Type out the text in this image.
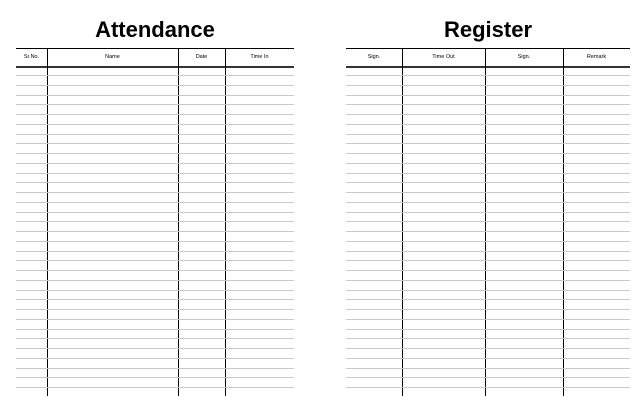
Attendance	Register
Sr.No.	Name	Date	Time In	Sign.	Time Out	Sign.	Remark
